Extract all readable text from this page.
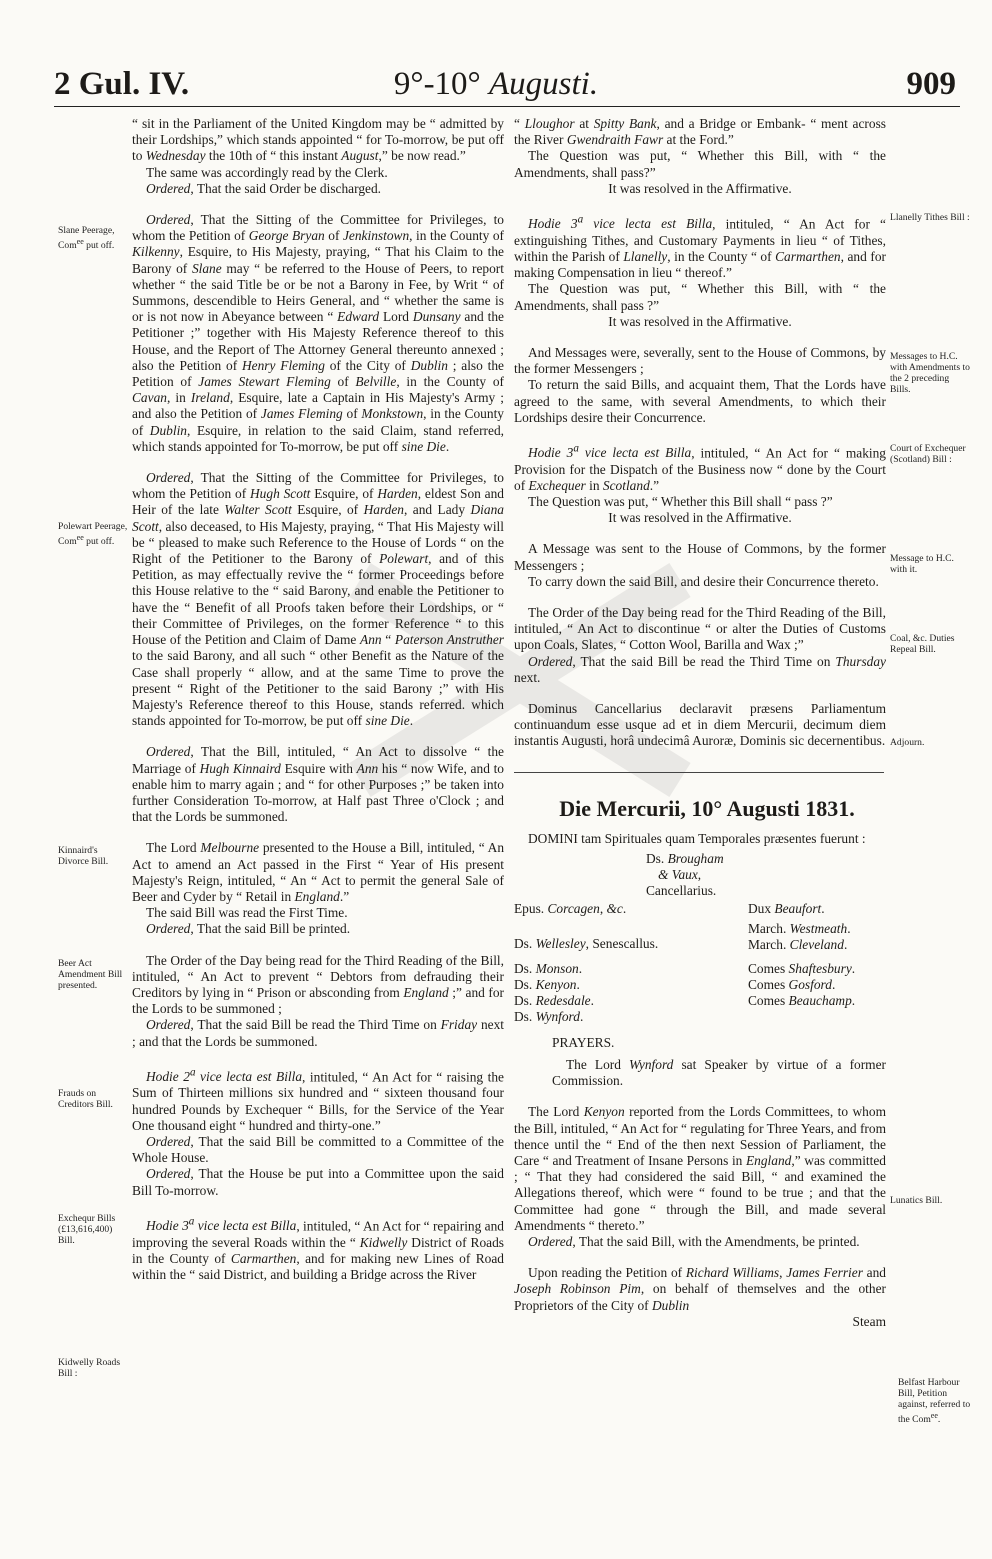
2 Gul. IV.	9°-10° Augusti.	909

“ sit in the Parliament of the United Kingdom may be “ admitted by their Lordships,” which stands appointed “ for To-morrow, be put off to Wednesday the 10th of “ this instant August,” be now read.”

The same was accordingly read by the Clerk.

Ordered, That the said Order be discharged.

Ordered, That the Sitting of the Committee for Privileges, to whom the Petition of George Bryan of Jenkinstown, in the County of Kilkenny, Esquire, to His Majesty, praying, “ That his Claim to the Barony of Slane may “ be referred to the House of Peers, to report whether “ the said Title be or be not a Barony in Fee, by Writ “ of Summons, descendible to Heirs General, and “ whether the same is or is not now in Abeyance between “ Edward Lord Dunsany and the Petitioner ;” together with His Majesty Reference thereof to this House, and the Report of The Attorney General thereunto annexed ; also the Petition of Henry Fleming of the City of Dublin ; also the Petition of James Stewart Fleming of Belville, in the County of Cavan, in Ireland, Esquire, late a Captain in His Majesty's Army ; and also the Petition of James Fleming of Monkstown, in the County of Dublin, Esquire, in relation to the said Claim, stand referred, which stands appointed for To-morrow, be put off sine Die.

Ordered, That the Sitting of the Committee for Privileges, to whom the Petition of Hugh Scott Esquire, of Harden, eldest Son and Heir of the late Walter Scott Esquire, of Harden, and Lady Diana Scott, also deceased, to His Majesty, praying, “ That His Majesty will be “ pleased to make such Reference to the House of Lords “ on the Right of the Petitioner to the Barony of Polewart, and of this Petition, as may effectually revive the “ former Proceedings before this House relative to the “ said Barony, and enable the Petitioner to have the “ Benefit of all Proofs taken before their Lordships, or “ their Committee of Privileges, on the former Reference “ to this House of the Petition and Claim of Dame Ann “ Paterson Anstruther to the said Barony, and all such “ other Benefit as the Nature of the Case shall properly “ allow, and at the same Time to prove the present “ Right of the Petitioner to the said Barony ;” with His Majesty's Reference thereof to this House, stands referred. which stands appointed for To-morrow, be put off sine Die.

Ordered, That the Bill, intituled, “ An Act to dissolve “ the Marriage of Hugh Kinnaird Esquire with Ann his “ now Wife, and to enable him to marry again ; and “ for other Purposes ;” be taken into further Consideration To-morrow, at Half past Three o'Clock ; and that the Lords be summoned.

The Lord Melbourne presented to the House a Bill, intituled, “ An Act to amend an Act passed in the First “ Year of His present Majesty's Reign, intituled, “ An “ Act to permit the general Sale of Beer and Cyder by “ Retail in England.”

The said Bill was read the First Time.

Ordered, That the said Bill be printed.

The Order of the Day being read for the Third Reading of the Bill, intituled, “ An Act to prevent “ Debtors from defrauding their Creditors by lying in “ Prison or absconding from England ;” and for the Lords to be summoned ;

Ordered, That the said Bill be read the Third Time on Friday next ; and that the Lords be summoned.

Hodie 2$^a$ vice lecta est Billa, intituled, “ An Act for “ raising the Sum of Thirteen millions six hundred and “ sixteen thousand four hundred Pounds by Exchequer “ Bills, for the Service of the Year One thousand eight “ hundred and thirty-one.”

Ordered, That the said Bill be committed to a Committee of the Whole House.

Ordered, That the House be put into a Committee upon the said Bill To-morrow.

Hodie 3$^a$ vice lecta est Billa, intituled, “ An Act for “ repairing and improving the several Roads within the “ Kidwelly District of Roads in the County of Carmarthen, and for making new Lines of Road within the “ said District, and building a Bridge across the River

“ Lloughor at Spitty Bank, and a Bridge or Embank- “ ment across the River Gwendraith Fawr at the Ford.”

The Question was put, “ Whether this Bill, with “ the Amendments, shall pass?”

It was resolved in the Affirmative.

Hodie 3$^a$ vice lecta est Billa, intituled, “ An Act for “ extinguishing Tithes, and Customary Payments in lieu “ of Tithes, within the Parish of Llanelly, in the County “ of Carmarthen, and for making Compensation in lieu “ thereof.”

The Question was put, “ Whether this Bill, with “ the Amendments, shall pass ?”

It was resolved in the Affirmative.

And Messages were, severally, sent to the House of Commons, by the former Messengers ;

To return the said Bills, and acquaint them, That the Lords have agreed to the same, with several Amendments, to which their Lordships desire their Concurrence.

Hodie 3$^a$ vice lecta est Billa, intituled, “ An Act for “ making Provision for the Dispatch of the Business now “ done by the Court of Exchequer in Scotland.”

The Question was put, “ Whether this Bill shall “ pass ?”

It was resolved in the Affirmative.

A Message was sent to the House of Commons, by the former Messengers ;

To carry down the said Bill, and desire their Concurrence thereto.

The Order of the Day being read for the Third Reading of the Bill, intituled, “ An Act to discontinue “ or alter the Duties of Customs upon Coals, Slates, “ Cotton Wool, Barilla and Wax ;”

Ordered, That the said Bill be read the Third Time on Thursday next.

Dominus Cancellarius declaravit præsens Parliamentum continuandum esse usque ad et in diem Mercurii, decimum diem instantis Augusti, horâ undecimâ Auroræ, Dominis sic decernentibus.

Die Mercurii, 10° Augusti 1831.

DOMINI tam Spirituales quam Temporales præsentes fuerunt :

Ds. Brougham
& Vaux,
Cancellarius.
Epus. Corcagen, &c.
Ds. Wellesley, Senescallus.
Ds. Monson.
Ds. Kenyon.
Ds. Redesdale.
Ds. Wynford.
Dux Beaufort.
March. Westmeath.
March. Cleveland.
Comes Shaftesbury.
Comes Gosford.
Comes Beauchamp.

PRAYERS.

The Lord Wynford sat Speaker by virtue of a former Commission.

The Lord Kenyon reported from the Lords Committees, to whom the Bill, intituled, “ An Act for “ regulating for Three Years, and from thence until the “ End of the then next Session of Parliament, the Care “ and Treatment of Insane Persons in England,” was committed ; “ That they had considered the said Bill, “ and examined the Allegations thereof, which were “ found to be true ; and that the Committee had gone “ through the Bill, and made several Amendments “ thereto.”

Ordered, That the said Bill, with the Amendments, be printed.

Upon reading the Petition of Richard Williams, James Ferrier and Joseph Robinson Pim, on behalf of themselves and the other Proprietors of the City of Dublin

Steam

Slane Peerage, Com$^{ee}$ put off.
Polewart Peerage, Com$^{ee}$ put off.
Kinnaird's Divorce Bill.
Beer Act Amendment Bill presented.
Frauds on Creditors Bill.
Exchequr Bills (£13,616,400) Bill.
Kidwelly Roads Bill :
Llanelly Tithes Bill :
Messages to H.C. with Amendments to the 2 preceding Bills.
Court of Exchequer (Scotland) Bill :
Message to H.C. with it.
Coal, &c. Duties Repeal Bill.
Adjourn.
Lunatics Bill.
Belfast Harbour Bill, Petition against, referred to the Com$^{ee}$.
